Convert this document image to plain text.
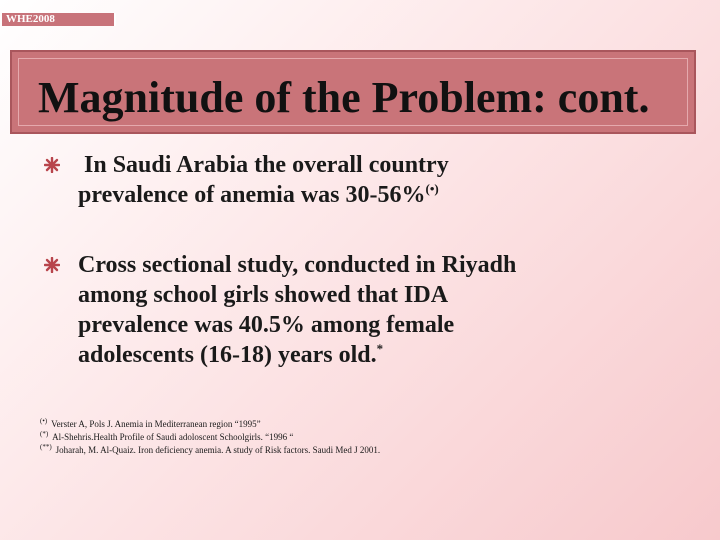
WHE2008
Magnitude of the Problem: cont.
In Saudi Arabia the overall country
prevalence of anemia was 30-56%(•)
Cross sectional study, conducted in Riyadh
among school girls showed that IDA
prevalence was 40.5% among female
adolescents (16-18) years old.*
(•) Verster A, Pols J. Anemia in Mediterranean region “1995”
(*) Al-Shehris.Health Profile of Saudi adoloscent Schoolgirls. “1996 “
(**) Joharah, M. Al-Quaiz. Iron deficiency anemia. A study of Risk factors. Saudi Med J 2001.
